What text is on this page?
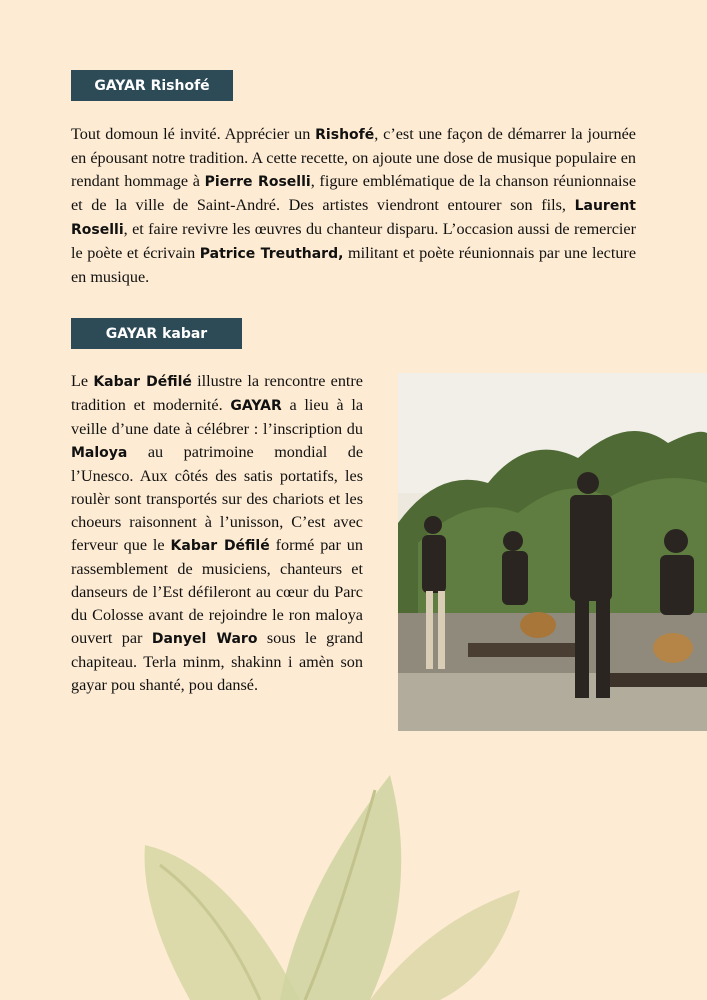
GAYAR Rishofé
Tout domoun lé invité. Apprécier un Rishofé, c’est une façon de démarrer la journée en épousant notre tradition. A cette recette, on ajoute une dose de musique populaire en rendant hommage à Pierre Roselli, figure emblématique de la chanson réunionnaise et de la ville de Saint-André. Des artistes viendront entourer son fils, Laurent Roselli, et faire revivre les œuvres du chanteur disparu. L’occasion aussi de remercier le poète et écrivain Patrice Treuthard, militant et poète réunionnais par une lecture en musique.
GAYAR kabar
Le Kabar Défilé illustre la rencontre entre tradition et modernité. GAYAR a lieu à la veille d’une date à célébrer : l’inscription du Maloya au patrimoine mondial de l’Unesco. Aux côtés des satis portatifs, les roulèr sont transportés sur des chariots et les choeurs raisonnent à l’unisson, C’est avec ferveur que le Kabar Défilé formé par un rassemblement de musiciens, chanteurs et danseurs de l’Est défileront au cœur du Parc du Colosse avant de rejoindre le ron maloya ouvert par Danyel Waro sous le grand chapiteau. Terla minm, shakinn i amèn son gayar pou shanté, pou dansé.
